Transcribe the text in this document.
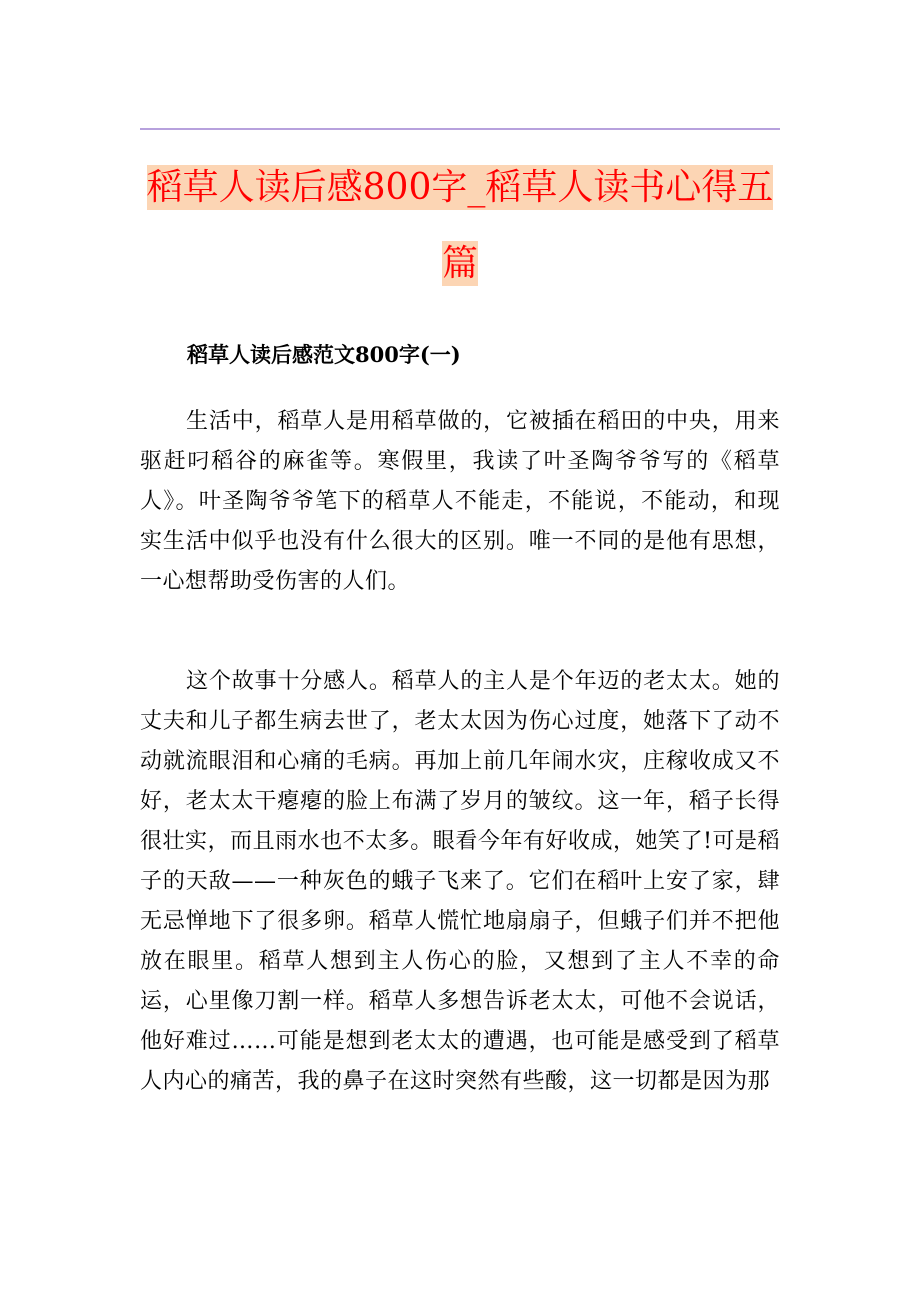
稻草人读后感800字_稻草人读书心得五
篇
稻草人读后感范文800字(一)

生活中，稻草人是用稻草做的，它被插在稻田的中央，用来驱赶叼稻谷的麻雀等。寒假里，我读了叶圣陶爷爷写的《稻草人》。叶圣陶爷爷笔下的稻草人不能走，不能说，不能动，和现实生活中似乎也没有什么很大的区别。唯一不同的是他有思想，一心想帮助受伤害的人们。

这个故事十分感人。稻草人的主人是个年迈的老太太。她的丈夫和儿子都生病去世了，老太太因为伤心过度，她落下了动不动就流眼泪和心痛的毛病。再加上前几年闹水灾，庄稼收成又不好，老太太干瘪瘪的脸上布满了岁月的皱纹。这一年，稻子长得很壮实，而且雨水也不太多。眼看今年有好收成，她笑了!可是稻子的天敌——一种灰色的蛾子飞来了。它们在稻叶上安了家，肆无忌惮地下了很多卵。稻草人慌忙地扇扇子，但蛾子们并不把他放在眼里。稻草人想到主人伤心的脸，又想到了主人不幸的命运，心里像刀割一样。稻草人多想告诉老太太，可他不会说话，他好难过……可能是想到老太太的遭遇，也可能是感受到了稻草人内心的痛苦，我的鼻子在这时突然有些酸，这一切都是因为那
